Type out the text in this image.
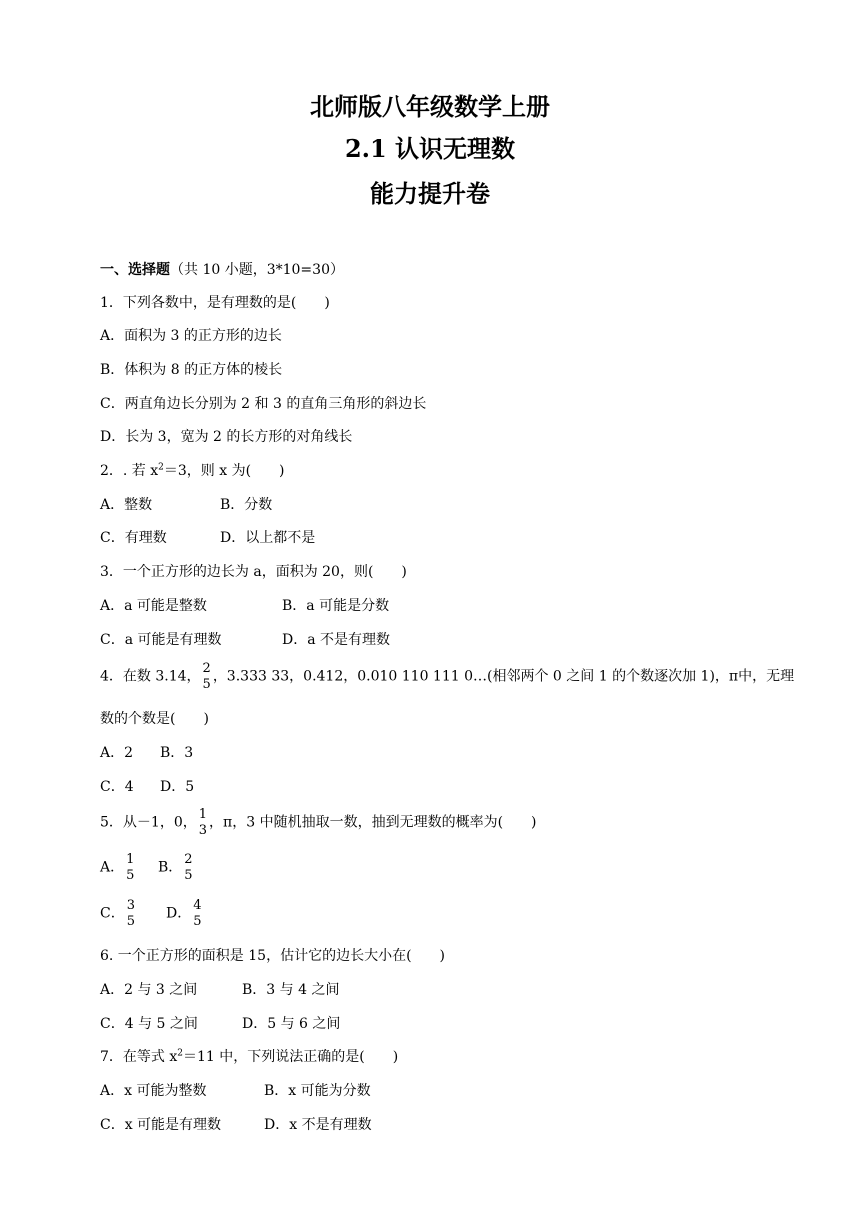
北师版八年级数学上册
2.1 认识无理数
能力提升卷
一、选择题（共 10 小题，3*10=30）
1．下列各数中，是有理数的是(　　)
A．面积为 3 的正方形的边长
B．体积为 8 的正方体的棱长
C．两直角边长分别为 2 和 3 的直角三角形的斜边长
D．长为 3，宽为 2 的长方形的对角线长
2．. 若 $x^2=3$，则 x 为(　　)
A．整数	B．分数
C．有理数	D．以上都不是
3．一个正方形的边长为 a，面积为 20，则(　　)
A．a 可能是整数	B．a 可能是分数
C．a 可能是有理数	D．a 不是有理数
4．在数 3.14， 2
5 ，3.333 33，0.412，0.010 110 111 0…(相邻两个 0 之间 1 的个数逐次加 1)，π中，无理
数的个数是(　　)
A．2 B．3
C．4 D．5
5．从－1，0， 1
3 ，π，3 中随机抽取一数，抽到无理数的概率为(　　)
A． 1
5 B． 2
5
C． 3
5 D． 4
5
6. 一个正方形的面积是 15，估计它的边长大小在(　　)
A．2 与 3 之间	B．3 与 4 之间
C．4 与 5 之间	D．5 与 6 之间
7．在等式 $x^2=11$ 中，下列说法正确的是(　　)
A．x 可能为整数	B．x 可能为分数
C．x 可能是有理数	D．x 不是有理数
